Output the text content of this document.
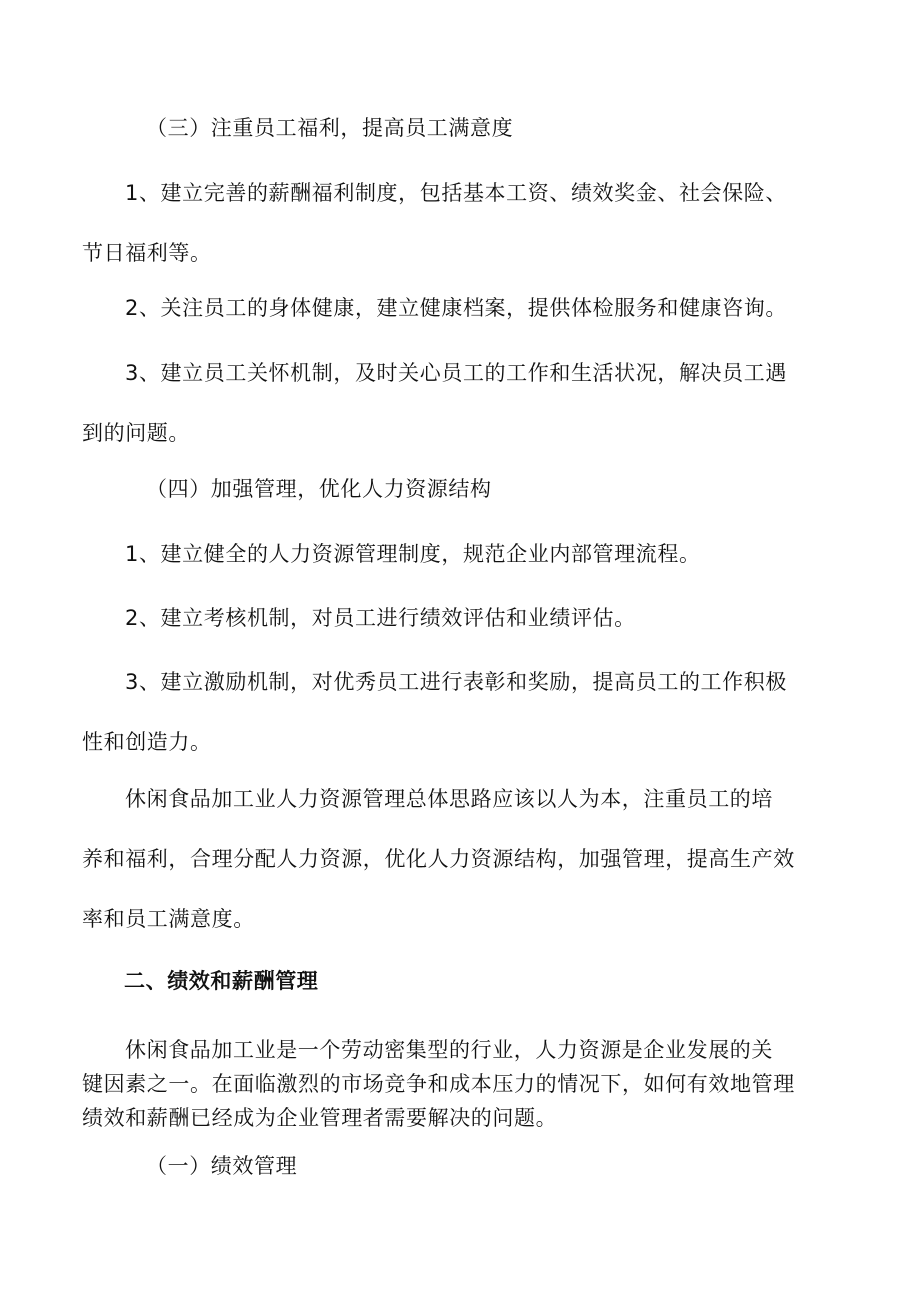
（三）注重员工福利，提高员工满意度

1、建立完善的薪酬福利制度，包括基本工资、绩效奖金、社会保险、
节日福利等。

2、关注员工的身体健康，建立健康档案，提供体检服务和健康咨询。

3、建立员工关怀机制，及时关心员工的工作和生活状况，解决员工遇
到的问题。

（四）加强管理，优化人力资源结构

1、建立健全的人力资源管理制度，规范企业内部管理流程。

2、建立考核机制，对员工进行绩效评估和业绩评估。

3、建立激励机制，对优秀员工进行表彰和奖励，提高员工的工作积极
性和创造力。

休闲食品加工业人力资源管理总体思路应该以人为本，注重员工的培
养和福利，合理分配人力资源，优化人力资源结构，加强管理，提高生产效
率和员工满意度。

二、绩效和薪酬管理

休闲食品加工业是一个劳动密集型的行业，人力资源是企业发展的关
键因素之一。在面临激烈的市场竞争和成本压力的情况下，如何有效地管理
绩效和薪酬已经成为企业管理者需要解决的问题。

（一）绩效管理
